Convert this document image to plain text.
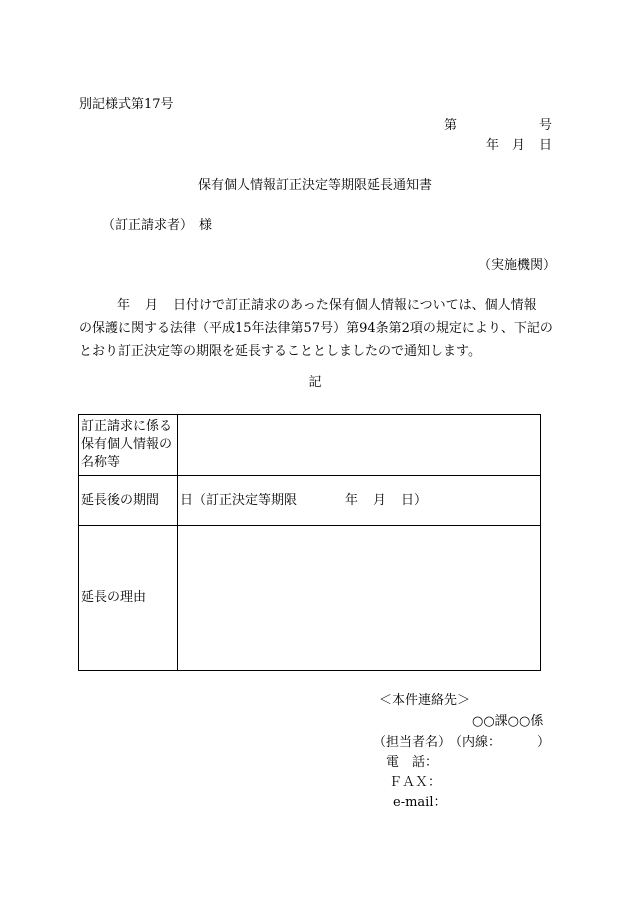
別記様式第17号
第	号
年 月 日
保有個人情報訂正決定等期限延長通知書
（訂正請求者） 様
（実施機関）
年 月 日付けで訂正請求のあった保有個人情報については、個人情報
の保護に関する法律（平成15年法律第57号）第94条第2項の規定により、下記の
とおり訂正決定等の期限を延長することとしましたので通知します。
記
訂正請求に係る
保有個人情報の
名称等	
延長後の期間	日（訂正決定等期限 年 月 日）
延長の理由	
＜本件連絡先＞
○○課○○係
（担当者名）
（内線：	）
電　話：
ＦＡＸ：
e-mail：
